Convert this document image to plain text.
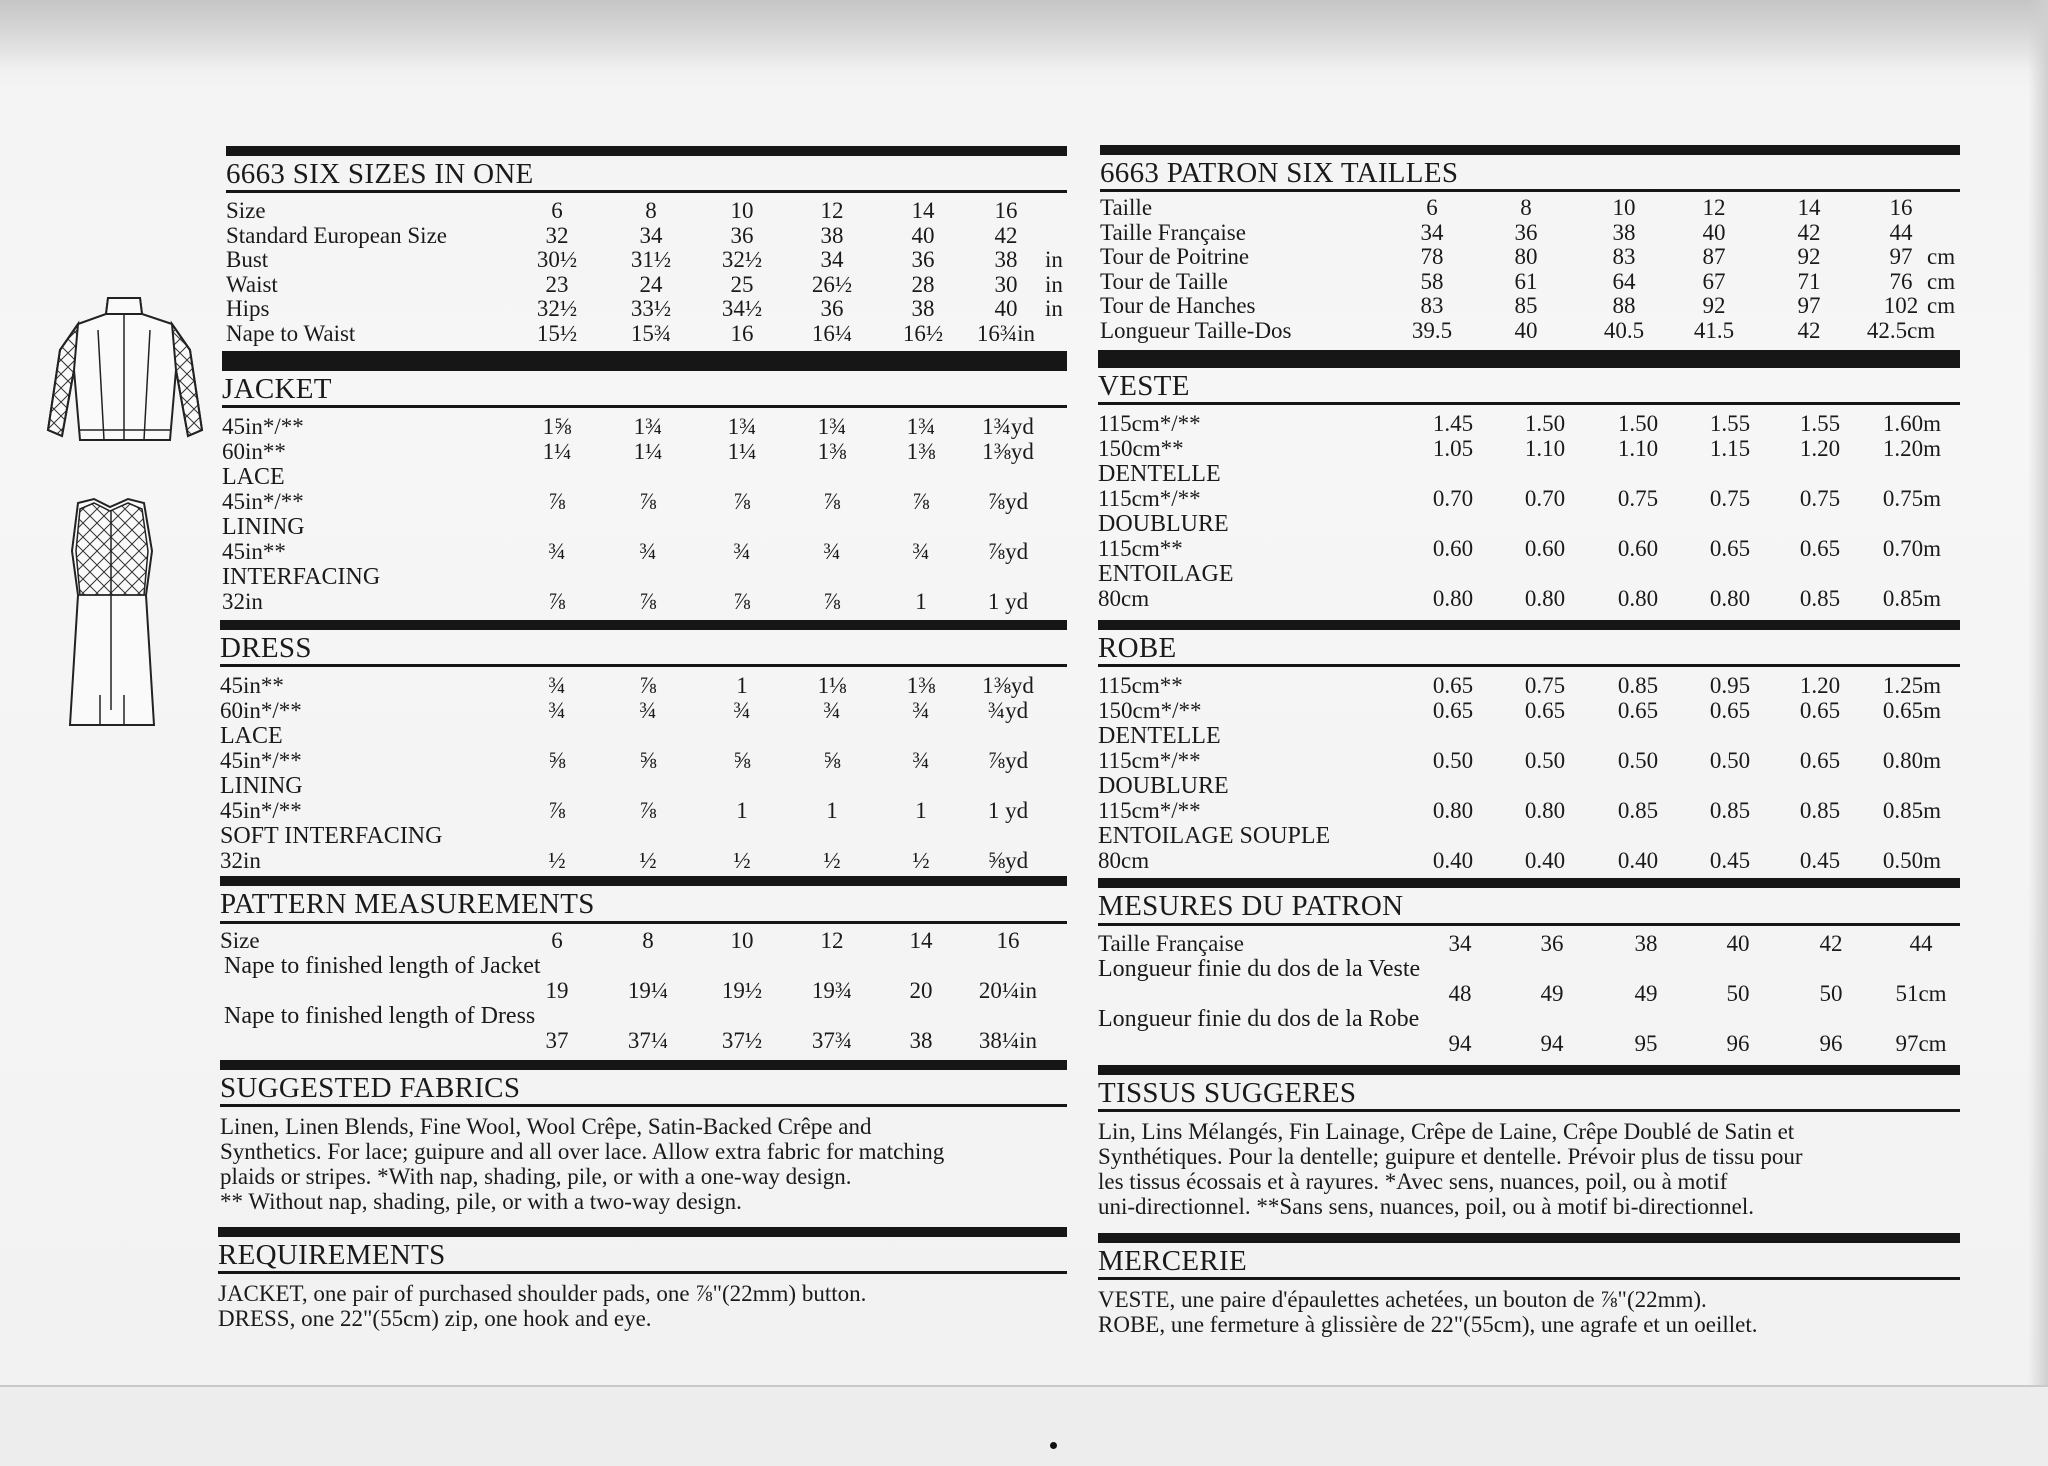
6663 SIX SIZES IN ONE
Size	6	8	10	12	14	16
Standard European Size	32	34	36	38	40	42
Bust	30½	31½	32½	34	36	38	in
Waist	23	24	25	26½	28	30	in
Hips	32½	33½	34½	36	38	40	in
Nape to Waist	15½	15¾	16	16¼	16½	16¾in
JACKET
45in*/**	1⅝	1¾	1¾	1¾	1¾	1¾yd
60in**	1¼	1¼	1¼	1⅜	1⅜	1⅜yd
LACE
45in*/**	⅞	⅞	⅞	⅞	⅞	⅞yd
LINING
45in**	¾	¾	¾	¾	¾	⅞yd
INTERFACING
32in	⅞	⅞	⅞	⅞	1	1 yd
DRESS
45in**	¾	⅞	1	1⅛	1⅜	1⅜yd
60in*/**	¾	¾	¾	¾	¾	¾yd
LACE
45in*/**	⅝	⅝	⅝	⅝	¾	⅞yd
LINING
45in*/**	⅞	⅞	1	1	1	1 yd
SOFT INTERFACING
32in	½	½	½	½	½	⅝yd
PATTERN MEASUREMENTS
Size	6	8	10	12	14	16
Nape to finished length of Jacket
19	19¼	19½	19¾	20	20¼in
Nape to finished length of Dress
37	37¼	37½	37¾	38	38¼in
SUGGESTED FABRICS
Linen, Linen Blends, Fine Wool, Wool Crêpe, Satin-Backed Crêpe and
Synthetics. For lace; guipure and all over lace. Allow extra fabric for matching
plaids or stripes. *With nap, shading, pile, or with a one-way design.
** Without nap, shading, pile, or with a two-way design.
REQUIREMENTS
JACKET, one pair of purchased shoulder pads, one ⅞"(22mm) button.
DRESS, one 22"(55cm) zip, one hook and eye.
6663 PATRON SIX TAILLES
Taille	6	8	10	12	14	16
Taille Française	34	36	38	40	42	44
Tour de Poitrine	78	80	83	87	92	97 cm
Tour de Taille	58	61	64	67	71	76 cm
Tour de Hanches	83	85	88	92	97	102 cm
Longueur Taille-Dos	39.5	40	40.5	41.5	42	42.5cm
VESTE
115cm*/**	1.45	1.50	1.50	1.55	1.55	1.60m
150cm**	1.05	1.10	1.10	1.15	1.20	1.20m
DENTELLE
115cm*/**	0.70	0.70	0.75	0.75	0.75	0.75m
DOUBLURE
115cm**	0.60	0.60	0.60	0.65	0.65	0.70m
ENTOILAGE
80cm	0.80	0.80	0.80	0.80	0.85	0.85m
ROBE
115cm**	0.65	0.75	0.85	0.95	1.20	1.25m
150cm*/**	0.65	0.65	0.65	0.65	0.65	0.65m
DENTELLE
115cm*/**	0.50	0.50	0.50	0.50	0.65	0.80m
DOUBLURE
115cm*/**	0.80	0.80	0.85	0.85	0.85	0.85m
ENTOILAGE SOUPLE
80cm	0.40	0.40	0.40	0.45	0.45	0.50m
MESURES DU PATRON
Taille Française	34	36	38	40	42	44
Longueur finie du dos de la Veste
48	49	49	50	50	51cm
Longueur finie du dos de la Robe
94	94	95	96	96	97cm
TISSUS SUGGERES
Lin, Lins Mélangés, Fin Lainage, Crêpe de Laine, Crêpe Doublé de Satin et
Synthétiques. Pour la dentelle; guipure et dentelle. Prévoir plus de tissu pour
les tissus écossais et à rayures. *Avec sens, nuances, poil, ou à motif
uni-directionnel. **Sans sens, nuances, poil, ou à motif bi-directionnel.
MERCERIE
VESTE, une paire d'épaulettes achetées, un bouton de ⅞"(22mm).
ROBE, une fermeture à glissière de 22"(55cm), une agrafe et un oeillet.
